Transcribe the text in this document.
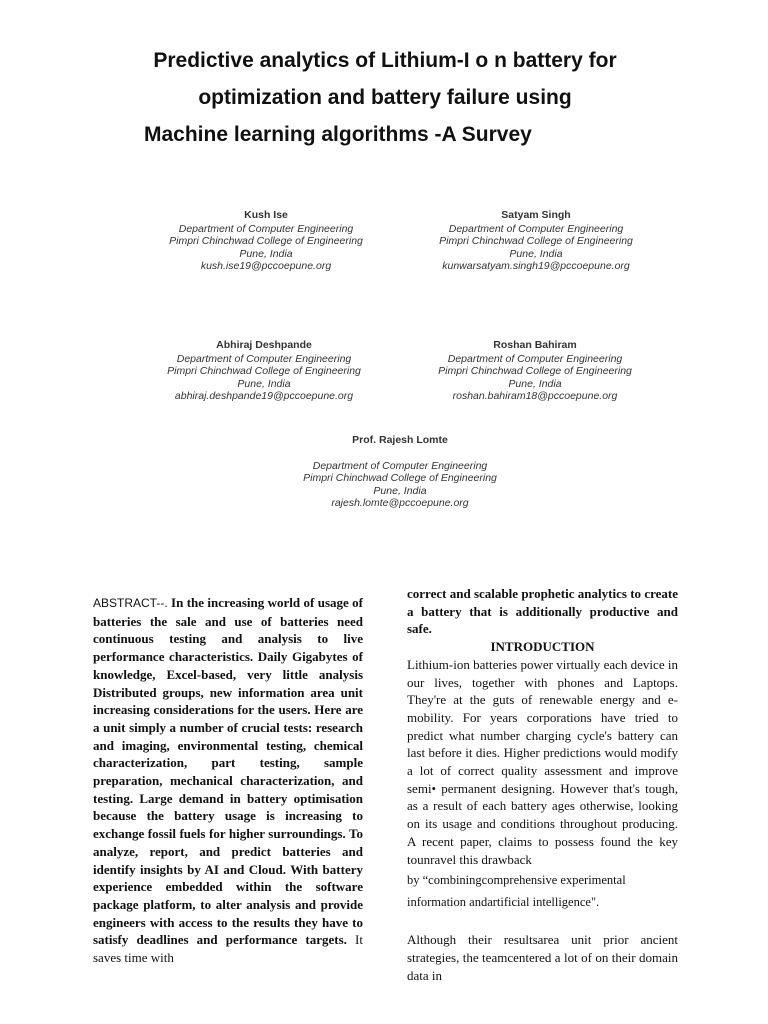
Predictive analytics of Lithium-I o n battery for
optimization and battery failure using
Machine learning algorithms -A Survey
Kush Ise
Department of Computer Engineering
Pimpri Chinchwad College of Engineering
Pune, India
kush.ise19@pccoepune.org
Satyam Singh
Department of Computer Engineering
Pimpri Chinchwad College of Engineering
Pune, India
kunwarsatyam.singh19@pccoepune.org
Abhiraj Deshpande
Department of Computer Engineering
Pimpri Chinchwad College of Engineering
Pune, India
abhiraj.deshpande19@pccoepune.org
Roshan Bahiram
Department of Computer Engineering
Pimpri Chinchwad College of Engineering
Pune, India
roshan.bahiram18@pccoepune.org
Prof. Rajesh Lomte
Department of Computer Engineering
Pimpri Chinchwad College of Engineering
Pune, India
rajesh.lomte@pccoepune.org
ABSTRACT--. In the increasing world of usage of batteries the sale and use of batteries need continuous testing and analysis to live performance characteristics. Daily Gigabytes of knowledge, Excel-based, very little analysis Distributed groups, new information area unit increasing considerations for the users. Here are a unit simply a number of crucial tests: research and imaging, environmental testing, chemical characterization, part testing, sample preparation, mechanical characterization, and testing. Large demand in battery optimisation because the battery usage is increasing to exchange fossil fuels for higher surroundings. To analyze, report, and predict batteries and identify insights by AI and Cloud. With battery experience embedded within the software package platform, to alter analysis and provide engineers with access to the results they have to satisfy deadlines and performance targets. It saves time with
correct and scalable prophetic analytics to create a battery that is additionally productive and safe.
INTRODUCTION
Lithium-ion batteries power virtually each device in our lives, together with phones and Laptops. They're at the guts of renewable energy and e-mobility. For years corporations have tried to predict what number charging cycle's battery can last before it dies. Higher predictions would modify a lot of correct quality assessment and improve semi• permanent designing. However that's tough, as a result of each battery ages otherwise, looking on its usage and conditions throughout producing. A recent paper, claims to possess found the key tounravel this drawback
by “combiningcomprehensive experimental information andartificial intelligence".
Although their resultsarea unit prior ancient strategies, the teamcentered a lot of on their domain data in
